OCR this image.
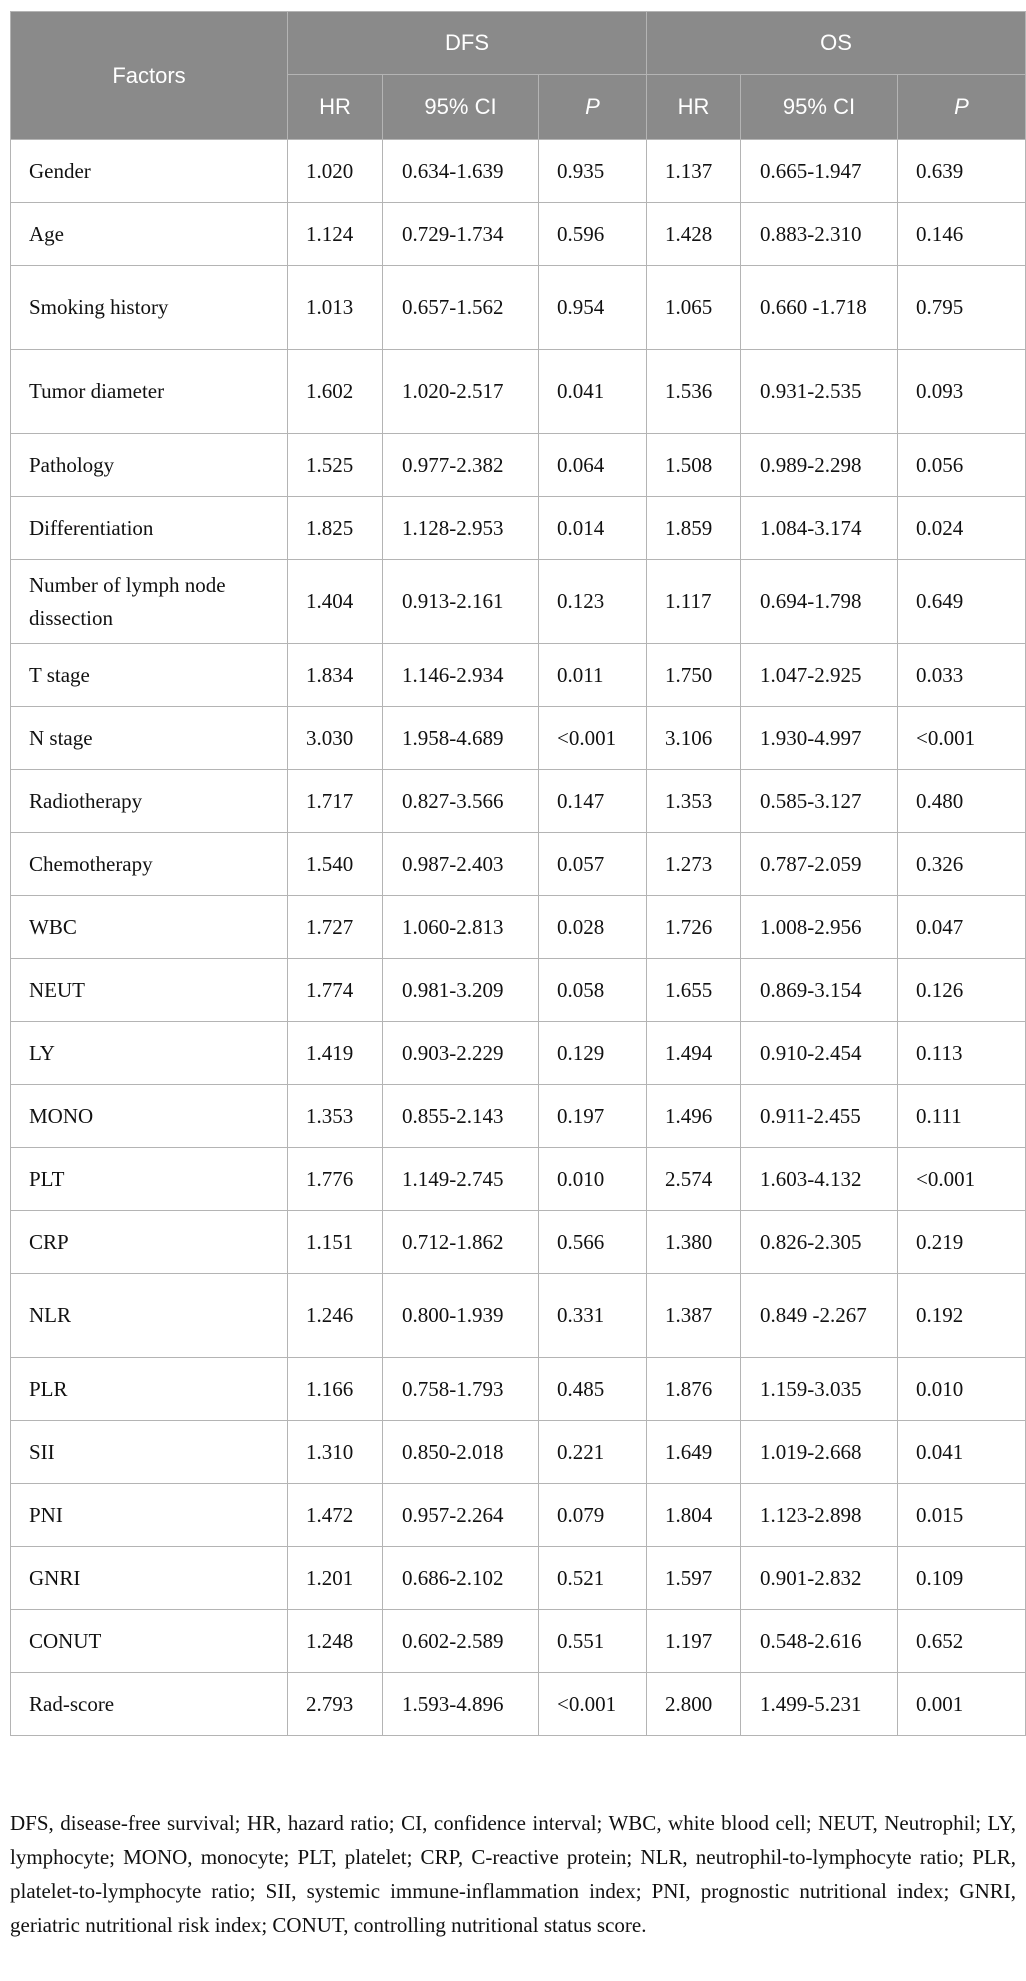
Factors	DFS			OS		
	HR	95% CI	P	HR	95% CI	P
Gender	1.020	0.634-1.639	0.935	1.137	0.665-1.947	0.639
Age	1.124	0.729-1.734	0.596	1.428	0.883-2.310	0.146
Smoking history	1.013	0.657-1.562	0.954	1.065	0.660 -1.718	0.795
Tumor diameter	1.602	1.020-2.517	0.041	1.536	0.931-2.535	0.093
Pathology	1.525	0.977-2.382	0.064	1.508	0.989-2.298	0.056
Differentiation	1.825	1.128-2.953	0.014	1.859	1.084-3.174	0.024
Number of lymph node dissection	1.404	0.913-2.161	0.123	1.117	0.694-1.798	0.649
T stage	1.834	1.146-2.934	0.011	1.750	1.047-2.925	0.033
N stage	3.030	1.958-4.689	<0.001	3.106	1.930-4.997	<0.001
Radiotherapy	1.717	0.827-3.566	0.147	1.353	0.585-3.127	0.480
Chemotherapy	1.540	0.987-2.403	0.057	1.273	0.787-2.059	0.326
WBC	1.727	1.060-2.813	0.028	1.726	1.008-2.956	0.047
NEUT	1.774	0.981-3.209	0.058	1.655	0.869-3.154	0.126
LY	1.419	0.903-2.229	0.129	1.494	0.910-2.454	0.113
MONO	1.353	0.855-2.143	0.197	1.496	0.911-2.455	0.111
PLT	1.776	1.149-2.745	0.010	2.574	1.603-4.132	<0.001
CRP	1.151	0.712-1.862	0.566	1.380	0.826-2.305	0.219
NLR	1.246	0.800-1.939	0.331	1.387	0.849 -2.267	0.192
PLR	1.166	0.758-1.793	0.485	1.876	1.159-3.035	0.010
SII	1.310	0.850-2.018	0.221	1.649	1.019-2.668	0.041
PNI	1.472	0.957-2.264	0.079	1.804	1.123-2.898	0.015
GNRI	1.201	0.686-2.102	0.521	1.597	0.901-2.832	0.109
CONUT	1.248	0.602-2.589	0.551	1.197	0.548-2.616	0.652
Rad-score	2.793	1.593-4.896	<0.001	2.800	1.499-5.231	0.001
DFS, disease-free survival; HR, hazard ratio; CI, confidence interval; WBC, white blood cell; NEUT, Neutrophil; LY, lymphocyte; MONO, monocyte; PLT, platelet; CRP, C-reactive protein; NLR, neutrophil-to-lymphocyte ratio; PLR, platelet-to-lymphocyte ratio; SII, systemic immune-inflammation index; PNI, prognostic nutritional index; GNRI, geriatric nutritional risk index; CONUT, controlling nutritional status score.
